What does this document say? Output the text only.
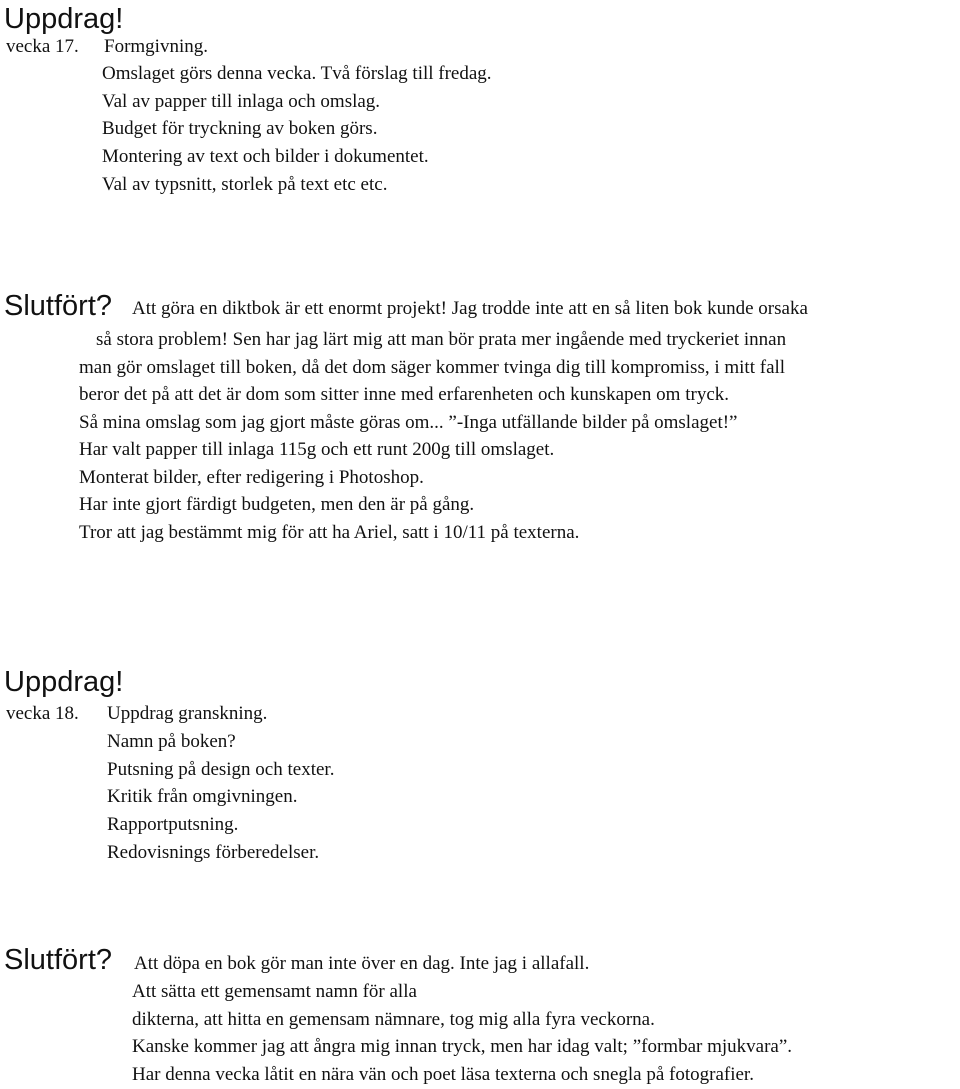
Uppdrag!
vecka 17. Formgivning.
Omslaget görs denna vecka. Två förslag till fredag.
Val av papper till inlaga och omslag.
Budget för tryckning av boken görs.
Montering av text och bilder i dokumentet.
Val av typsnitt, storlek på text etc etc.
Slutfört? Att göra en diktbok är ett enormt projekt! Jag trodde inte att en så liten bok kunde orsaka
så stora problem! Sen har jag lärt mig att man bör prata mer ingående med tryckeriet innan
man gör omslaget till boken, då det dom säger kommer tvinga dig till kompromiss, i mitt fall
beror det på att det är dom som sitter inne med erfarenheten och kunskapen om tryck.
Så mina omslag som jag gjort måste göras om... ”-Inga utfällande bilder på omslaget!”
Har valt papper till inlaga 115g och ett runt 200g till omslaget.
Monterat bilder, efter redigering i Photoshop.
Har inte gjort färdigt budgeten, men den är på gång.
Tror att jag bestämmt mig för att ha Ariel, satt i 10/11 på texterna.
Uppdrag!
vecka 18. Uppdrag granskning.
Namn på boken?
Putsning på design och texter.
Kritik från omgivningen.
Rapportputsning.
Redovisnings förberedelser.
Slutfört? Att döpa en bok gör man inte över en dag. Inte jag i allafall.
Att sätta ett gemensamt namn för alla
dikterna, att hitta en gemensam nämnare, tog mig alla fyra veckorna.
Kanske kommer jag att ångra mig innan tryck, men har idag valt; ”formbar mjukvara”.
Har denna vecka låtit en nära vän och poet läsa texterna och snegla på fotografier.
